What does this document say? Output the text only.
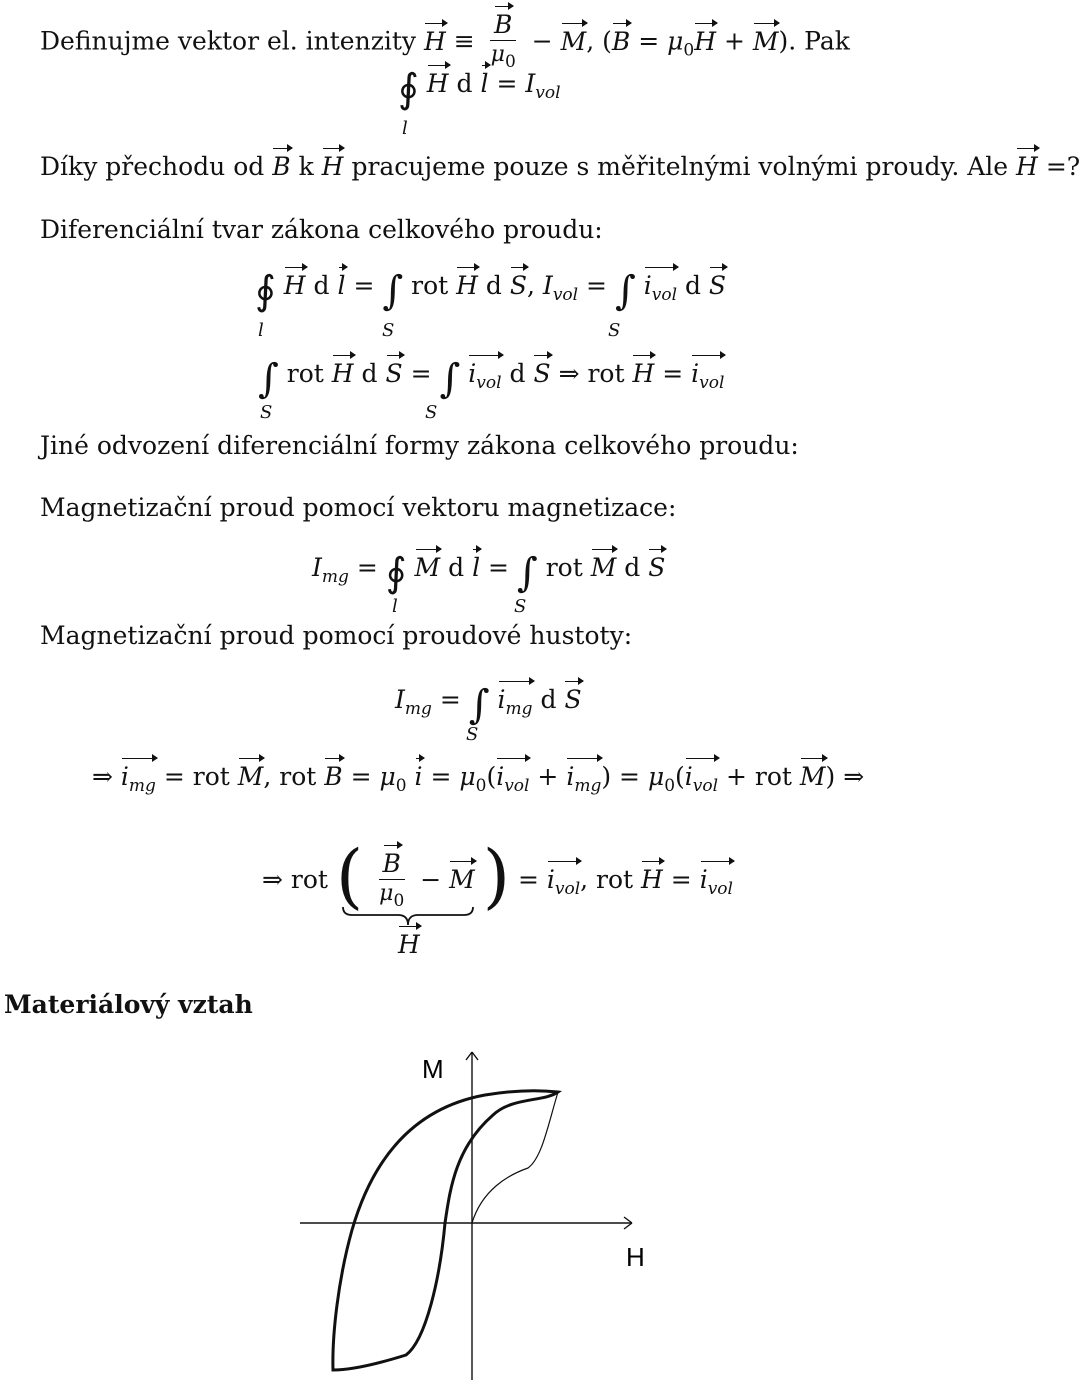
Definujme vektor el. intenzity $H \equiv \frac{B}{\mu_0} - M$, $(B = \mu_0H + M)$. Pak
∮ H d $l = I_{vol}$
l
Díky přechodu od B k H pracujeme pouze s měřitelnými volnými proudy. Ale H =?
Diferenciální tvar zákona celkového proudu:
∮ H d l = ∫ rot H d S, $I_{vol}$ = ∫ $i_{vol}$ d S
l	S	S
∫ rot H d S = ∫ $i_{vol}$ d S ⇒ rot $H = i_{vol}$
S	S
Jiné odvození diferenciální formy zákona celkového proudu:
Magnetizační proud pomocí vektoru magnetizace:
$I_{mg}$ = ∮ M d l = ∫ rot M d S
l	S
Magnetizační proud pomocí proudové hustoty:
$I_{mg}$ = ∫ $i_{mg}$ d S
S
⇒ $i_{mg}$ = rot M, rot $B = \mu_0$ $i = \mu_0(i_{vol} + i_{mg}) = \mu_0(i_{vol}$ + rot M) ⇒
⇒ rot ( $\frac{B}{\mu_0} - M$ ) = $i_{vol}$, rot $H = i_{vol}$
H
Materiálový vztah
M
H
